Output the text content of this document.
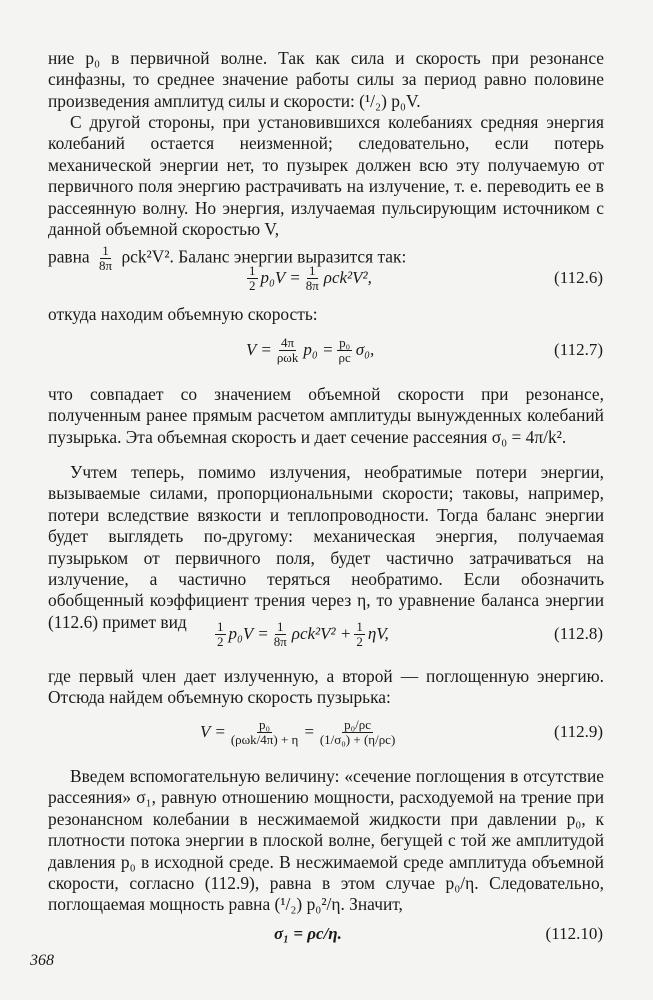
ние p₀ в первичной волне. Так как сила и скорость при резонансе синфазны, то среднее значение работы силы за период равно половине произведения амплитуд силы и скорости: (¹/₂) p₀V.

С другой стороны, при установившихся колебаниях средняя энергия колебаний остается неизменной; следовательно, если потерь механической энергии нет, то пузырек должен всю эту получаемую от первичного поля энергию растрачивать на излучение, т. е. переводить ее в рассеянную волну. Но энергия, излучаемая пульсирующим источником с данной объемной скоростью V,

равна $\frac{1}{8\pi} \rho ck^2V^2$. Баланс энергии выразится так:

$\frac{1}{2} p_0V = \frac{1}{8\pi} \rho ck^2V^2$,	(112.6)

откуда находим объемную скорость:

$V = \frac{4\pi}{\text{ρωk}} p_0 = \frac{\text{p₀}}{\rho c} \sigma_0$,	(112.7)

что совпадает со значением объемной скорости при резонансе, полученным ранее прямым расчетом амплитуды вынужденных колебаний пузырька. Эта объемная скорость и дает сечение рассеяния σ₀ = 4π/k².

Учтем теперь, помимо излучения, необратимые потери энергии, вызываемые силами, пропорциональными скорости; таковы, например, потери вследствие вязкости и теплопроводности. Тогда баланс энергии будет выглядеть по-другому: механическая энергия, получаемая пузырьком от первичного поля, будет частично затрачиваться на излучение, а частично теряться необратимо. Если обозначить обобщенный коэффициент трения через η, то уравнение баланса энергии (112.6) примет вид	$\frac{1}{2} p_0V = \frac{1}{8\pi} \rho ck^2V^2 + \frac{1}{2} \eta V$,	(112.8)

где первый член дает излученную, а второй — поглощенную энергию. Отсюда найдем объемную скорость пузырька:

$V = \frac{\text{p₀}}{\text{(ρωk/4π) + η}} = \frac{\text{p₀/ρc}}{\text{(1/σ₀) + (η/ρc)}}$	(112.9)

Введем вспомогательную величину: «сечение поглощения в отсутствие рассеяния» σ₁, равную отношению мощности, расходуемой на трение при резонансном колебании в несжимаемой жидкости при давлении p₀, к плотности потока энергии в плоской волне, бегущей с той же амплитудой давления p₀ в исходной среде. В несжимаемой среде амплитуда объемной скорости, согласно (112.9), равна в этом случае p₀/η. Следовательно, поглощаемая мощность равна (¹/₂) p₀²/η. Значит,

σ₁ = ρc/η.	(112.10)
368
